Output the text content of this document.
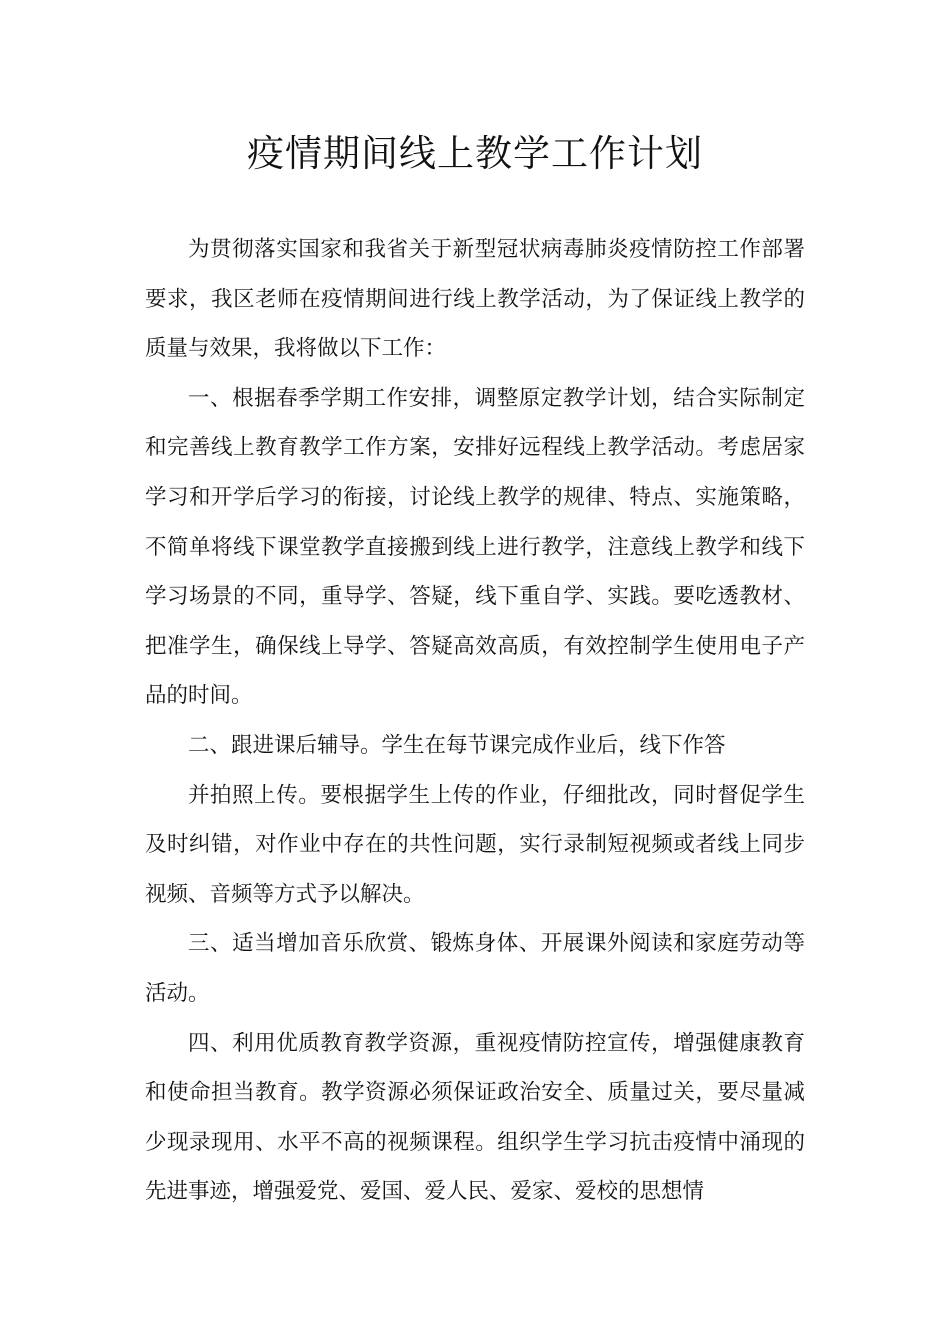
疫情期间线上教学工作计划

为贯彻落实国家和我省关于新型冠状病毒肺炎疫情防控工作部署要求，我区老师在疫情期间进行线上教学活动，为了保证线上教学的质量与效果，我将做以下工作：

一、根据春季学期工作安排，调整原定教学计划，结合实际制定和完善线上教育教学工作方案，安排好远程线上教学活动。考虑居家学习和开学后学习的衔接，讨论线上教学的规律、特点、实施策略，不简单将线下课堂教学直接搬到线上进行教学，注意线上教学和线下学习场景的不同，重导学、答疑，线下重自学、实践。要吃透教材、把准学生，确保线上导学、答疑高效高质，有效控制学生使用电子产品的时间。

二、跟进课后辅导。学生在每节课完成作业后，线下作答

并拍照上传。要根据学生上传的作业，仔细批改，同时督促学生及时纠错，对作业中存在的共性问题，实行录制短视频或者线上同步视频、音频等方式予以解决。

三、适当增加音乐欣赏、锻炼身体、开展课外阅读和家庭劳动等活动。

四、利用优质教育教学资源，重视疫情防控宣传，增强健康教育和使命担当教育。教学资源必须保证政治安全、质量过关，要尽量减少现录现用、水平不高的视频课程。组织学生学习抗击疫情中涌现的先进事迹，增强爱党、爱国、爱人民、爱家、爱校的思想情
